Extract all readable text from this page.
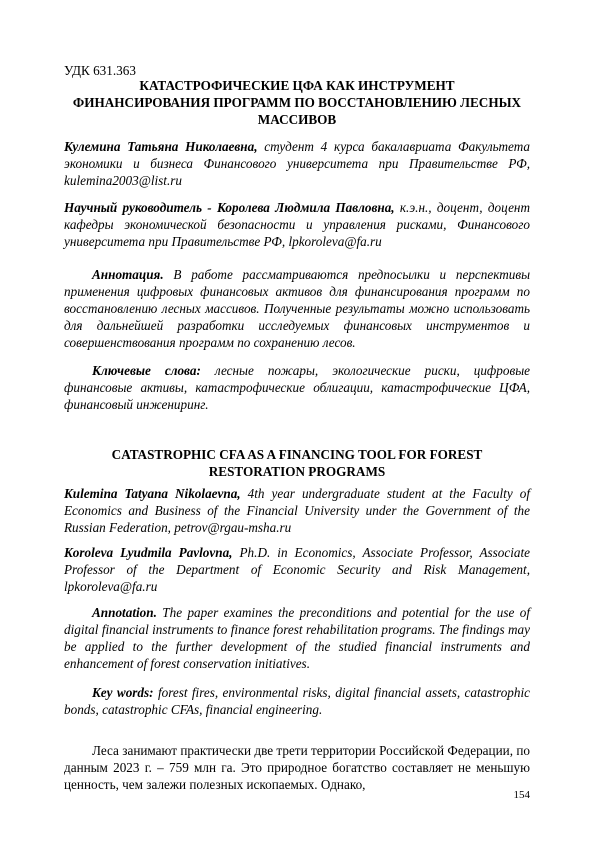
УДК 631.363
КАТАСТРОФИЧЕСКИЕ ЦФА КАК ИНСТРУМЕНТ
ФИНАНСИРОВАНИЯ ПРОГРАММ ПО ВОССТАНОВЛЕНИЮ ЛЕСНЫХ
МАССИВОВ

Кулемина Татьяна Николаевна, студент 4 курса бакалавриата Факультета экономики и бизнеса Финансового университета при Правительстве РФ, kulemina2003@list.ru

Научный руководитель - Королева Людмила Павловна, к.э.н., доцент, доцент кафедры экономической безопасности и управления рисками, Финансового университета при Правительстве РФ, lpkoroleva@fa.ru

Аннотация. В работе рассматриваются предпосылки и перспективы применения цифровых финансовых активов для финансирования программ по восстановлению лесных массивов. Полученные результаты можно использовать для дальнейшей разработки исследуемых финансовых инструментов и совершенствования программ по сохранению лесов.

Ключевые слова: лесные пожары, экологические риски, цифровые финансовые активы, катастрофические облигации, катастрофические ЦФА, финансовый инжениринг.

CATASTROPHIC CFA AS A FINANCING TOOL FOR FOREST
RESTORATION PROGRAMS

Kulemina Tatyana Nikolaevna, 4th year undergraduate student at the Faculty of Economics and Business of the Financial University under the Government of the Russian Federation, petrov@rgau-msha.ru

Koroleva Lyudmila Pavlovna, Ph.D. in Economics, Associate Professor, Associate Professor of the Department of Economic Security and Risk Management, lpkoroleva@fa.ru

Annotation. The paper examines the preconditions and potential for the use of digital financial instruments to finance forest rehabilitation programs. The findings may be applied to the further development of the studied financial instruments and enhancement of forest conservation initiatives.

Key words: forest fires, environmental risks, digital financial assets, catastrophic bonds, catastrophic CFAs, financial engineering.

Леса занимают практически две трети территории Российской Федерации, по данным 2023 г. – 759 млн га. Это природное богатство составляет не меньшую ценность, чем залежи полезных ископаемых. Однако,
154
